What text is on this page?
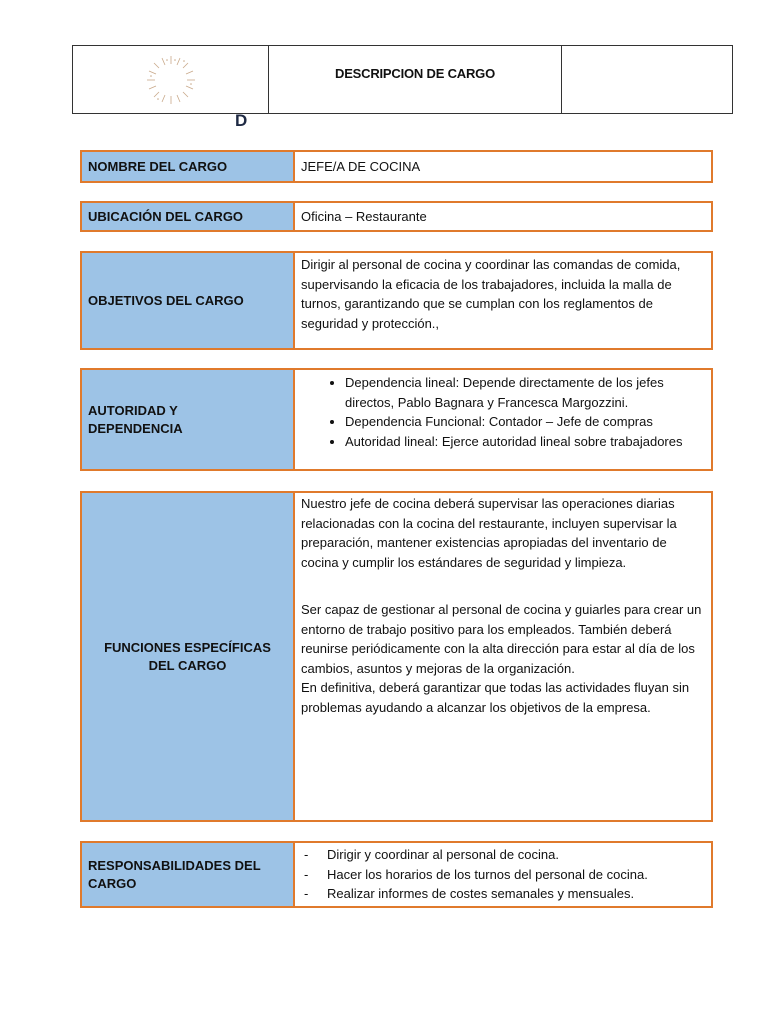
D
DESCRIPCION DE CARGO
NOMBRE DEL CARGO	JEFE/A DE COCINA
UBICACIÓN DEL CARGO	Oficina – Restaurante
OBJETIVOS DEL CARGO

Dirigir al personal de cocina y coordinar las comandas de comida, supervisando la eficacia de los trabajadores, incluida la malla de turnos, garantizando que se cumplan con los reglamentos de seguridad y protección.,

AUTORIDAD Y
DEPENDENCIA
• Dependencia lineal: Depende directamente de los jefes directos, Pablo Bagnara y Francesca Margozzini.
• Dependencia Funcional: Contador – Jefe de compras
• Autoridad lineal: Ejerce autoridad lineal sobre trabajadores
FUNCIONES ESPECÍFICAS
DEL CARGO

Nuestro jefe de cocina deberá supervisar las operaciones diarias relacionadas con la cocina del restaurante, incluyen supervisar la preparación, mantener existencias apropiadas del inventario de cocina y cumplir los estándares de seguridad y limpieza.

Ser capaz de gestionar al personal de cocina y guiarles para crear un entorno de trabajo positivo para los empleados. También deberá reunirse periódicamente con la alta dirección para estar al día de los cambios, asuntos y mejoras de la organización.

En definitiva, deberá garantizar que todas las actividades fluyan sin problemas ayudando a alcanzar los objetivos de la empresa.

RESPONSABILIDADES DEL
CARGO
- Dirigir y coordinar al personal de cocina.
- Hacer los horarios de los turnos del personal de cocina.
- Realizar informes de costes semanales y mensuales.
